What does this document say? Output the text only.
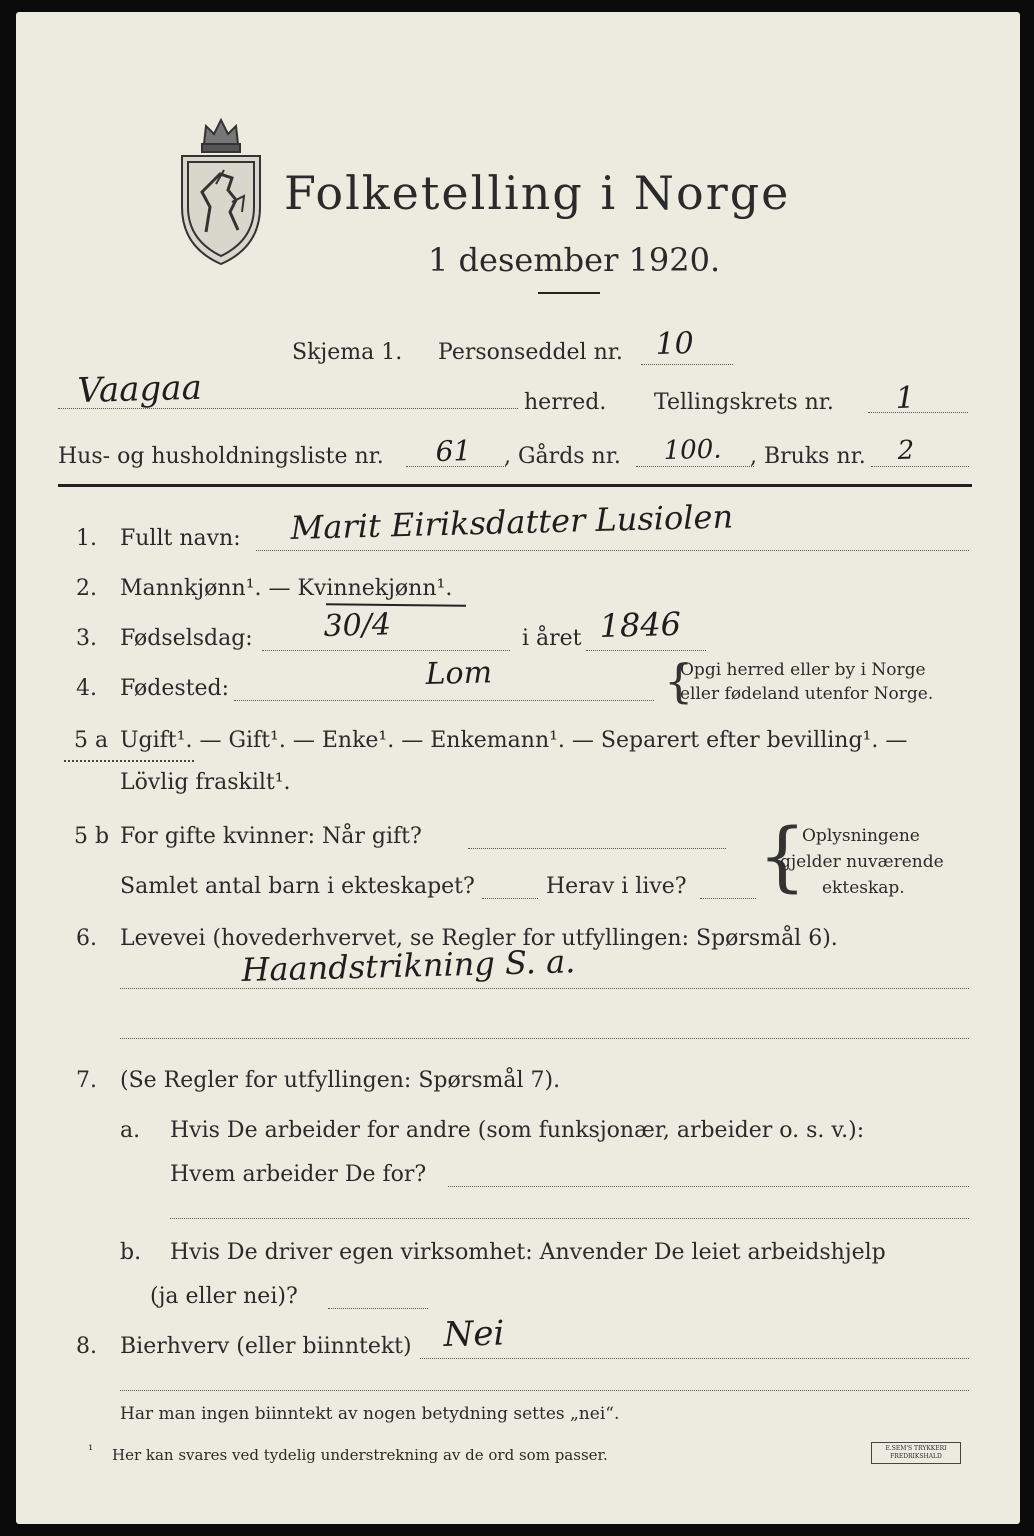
Folketelling i Norge
1 desember 1920.
Skjema 1. Personseddel nr. 10
Vaagaa	herred. Tellingskrets nr. 1
Hus- og husholdningsliste nr. 61 , Gårds nr. 100. , Bruks nr. 2
1. Fullt navn: Marit Eiriksdatter Lusiolen
2. Mannkjønn¹. — Kvinnekjønn¹.
3. Fødselsdag: 30/4	i året 1846
4. Fødested:	Lom	{
Opgi herred eller by i Norge
eller fødeland utenfor Norge.
5 a Ugift¹. — Gift¹. — Enke¹. — Enkemann¹. — Separert efter bevilling¹. —
Lövlig fraskilt¹.
5 b For gifte kvinner: Når gift?
Samlet antal barn i ekteskapet?	Herav i live? {
Oplysningene
gjelder nuværende
ekteskap.
6. Levevei (hovederhvervet, se Regler for utfyllingen: Spørsmål 6).
Haandstrikning S. a.
7. (Se Regler for utfyllingen: Spørsmål 7).
a. Hvis De arbeider for andre (som funksjonær, arbeider o. s. v.):
Hvem arbeider De for?
b. Hvis De driver egen virksomhet: Anvender De leiet arbeidshjelp
(ja eller nei)?
8. Bierhverv (eller biinntekt) Nei
Har man ingen biinntekt av nogen betydning settes „nei“.
¹ Her kan svares ved tydelig understrekning av de ord som passer.	E.SEM'S TRYKKERI FREDRIKSHALD
